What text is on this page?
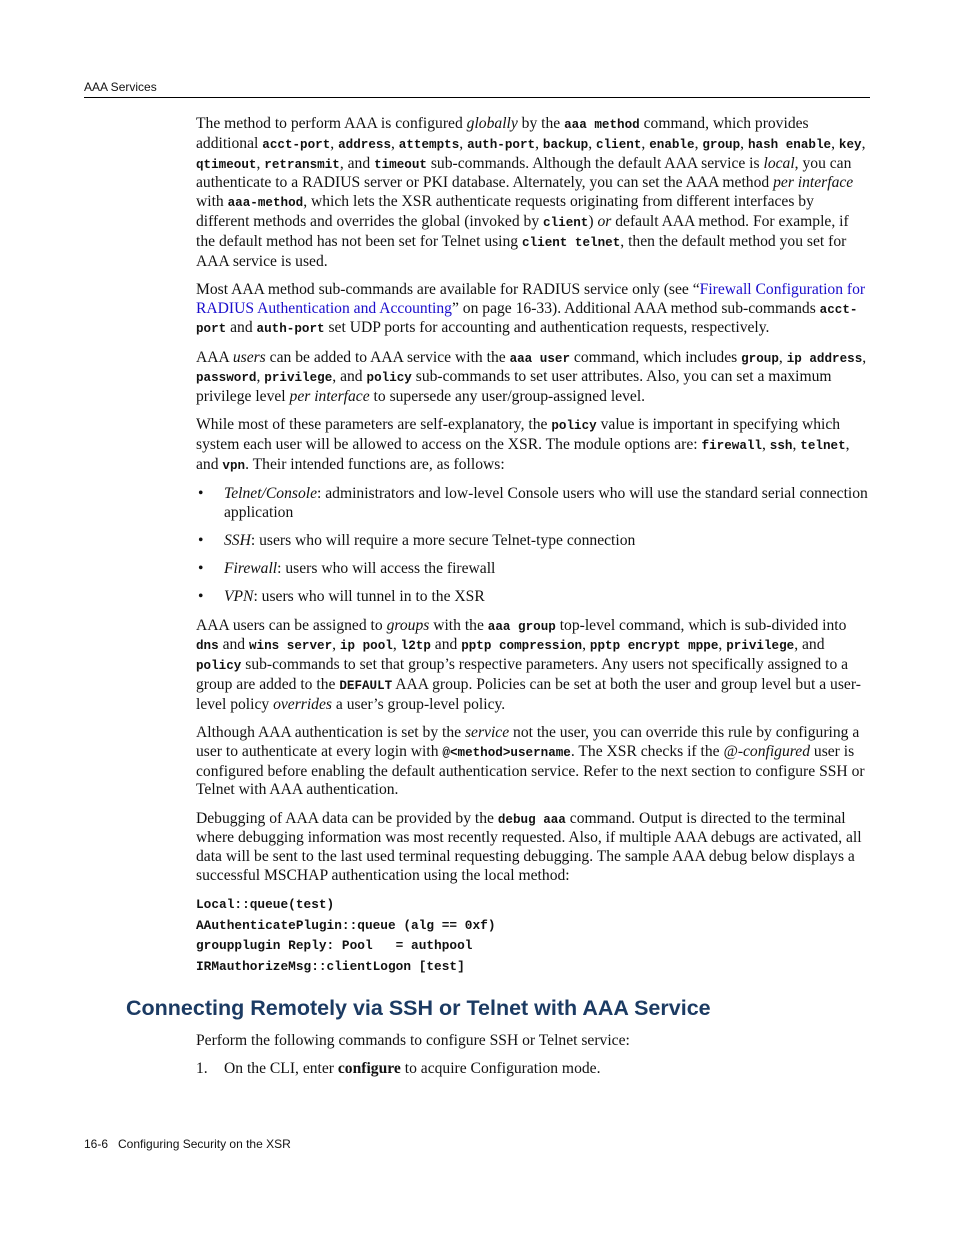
AAA Services

The method to perform AAA is configured globally by the aaa method command, which provides additional acct-port, address, attempts, auth-port, backup, client, enable, group, hash enable, key, qtimeout, retransmit, and timeout sub-commands. Although the default AAA service is local, you can authenticate to a RADIUS server or PKI database. Alternately, you can set the AAA method per interface with aaa-method, which lets the XSR authenticate requests originating from different interfaces by different methods and overrides the global (invoked by client) or default AAA method. For example, if the default method has not been set for Telnet using client telnet, then the default method you set for AAA service is used.

Most AAA method sub-commands are available for RADIUS service only (see “Firewall Configuration for RADIUS Authentication and Accounting” on page 16-33). Additional AAA method sub-commands acct-port and auth-port set UDP ports for accounting and authentication requests, respectively.

AAA users can be added to AAA service with the aaa user command, which includes group, ip address, password, privilege, and policy sub-commands to set user attributes. Also, you can set a maximum privilege level per interface to supersede any user/group-assigned level.

While most of these parameters are self-explanatory, the policy value is important in specifying which system each user will be allowed to access on the XSR. The module options are: firewall, ssh, telnet, and vpn. Their intended functions are, as follows:

• Telnet/Console: administrators and low-level Console users who will use the standard serial connection application
• SSH: users who will require a more secure Telnet-type connection
• Firewall: users who will access the firewall
• VPN: users who will tunnel in to the XSR

AAA users can be assigned to groups with the aaa group top-level command, which is sub-divided into dns and wins server, ip pool, l2tp and pptp compression, pptp encrypt mppe, privilege, and policy sub-commands to set that group’s respective parameters. Any users not specifically assigned to a group are added to the DEFAULT AAA group. Policies can be set at both the user and group level but a user-level policy overrides a user’s group-level policy.

Although AAA authentication is set by the service not the user, you can override this rule by configuring a user to authenticate at every login with @<method>username. The XSR checks if the @-configured user is configured before enabling the default authentication service. Refer to the next section to configure SSH or Telnet with AAA authentication.

Debugging of AAA data can be provided by the debug aaa command. Output is directed to the terminal where debugging information was most recently requested. Also, if multiple AAA debugs are activated, all data will be sent to the last used terminal requesting debugging. The sample AAA debug below displays a successful MSCHAP authentication using the local method:

Local::queue(test)
AAuthenticatePlugin::queue (alg == 0xf)
groupplugin Reply: Pool   = authpool
IRMauthorizeMsg::clientLogon [test]
Connecting Remotely via SSH or Telnet with AAA Service

Perform the following commands to configure SSH or Telnet service:

1. On the CLI, enter configure to acquire Configuration mode.

16-6   Configuring Security on the XSR
